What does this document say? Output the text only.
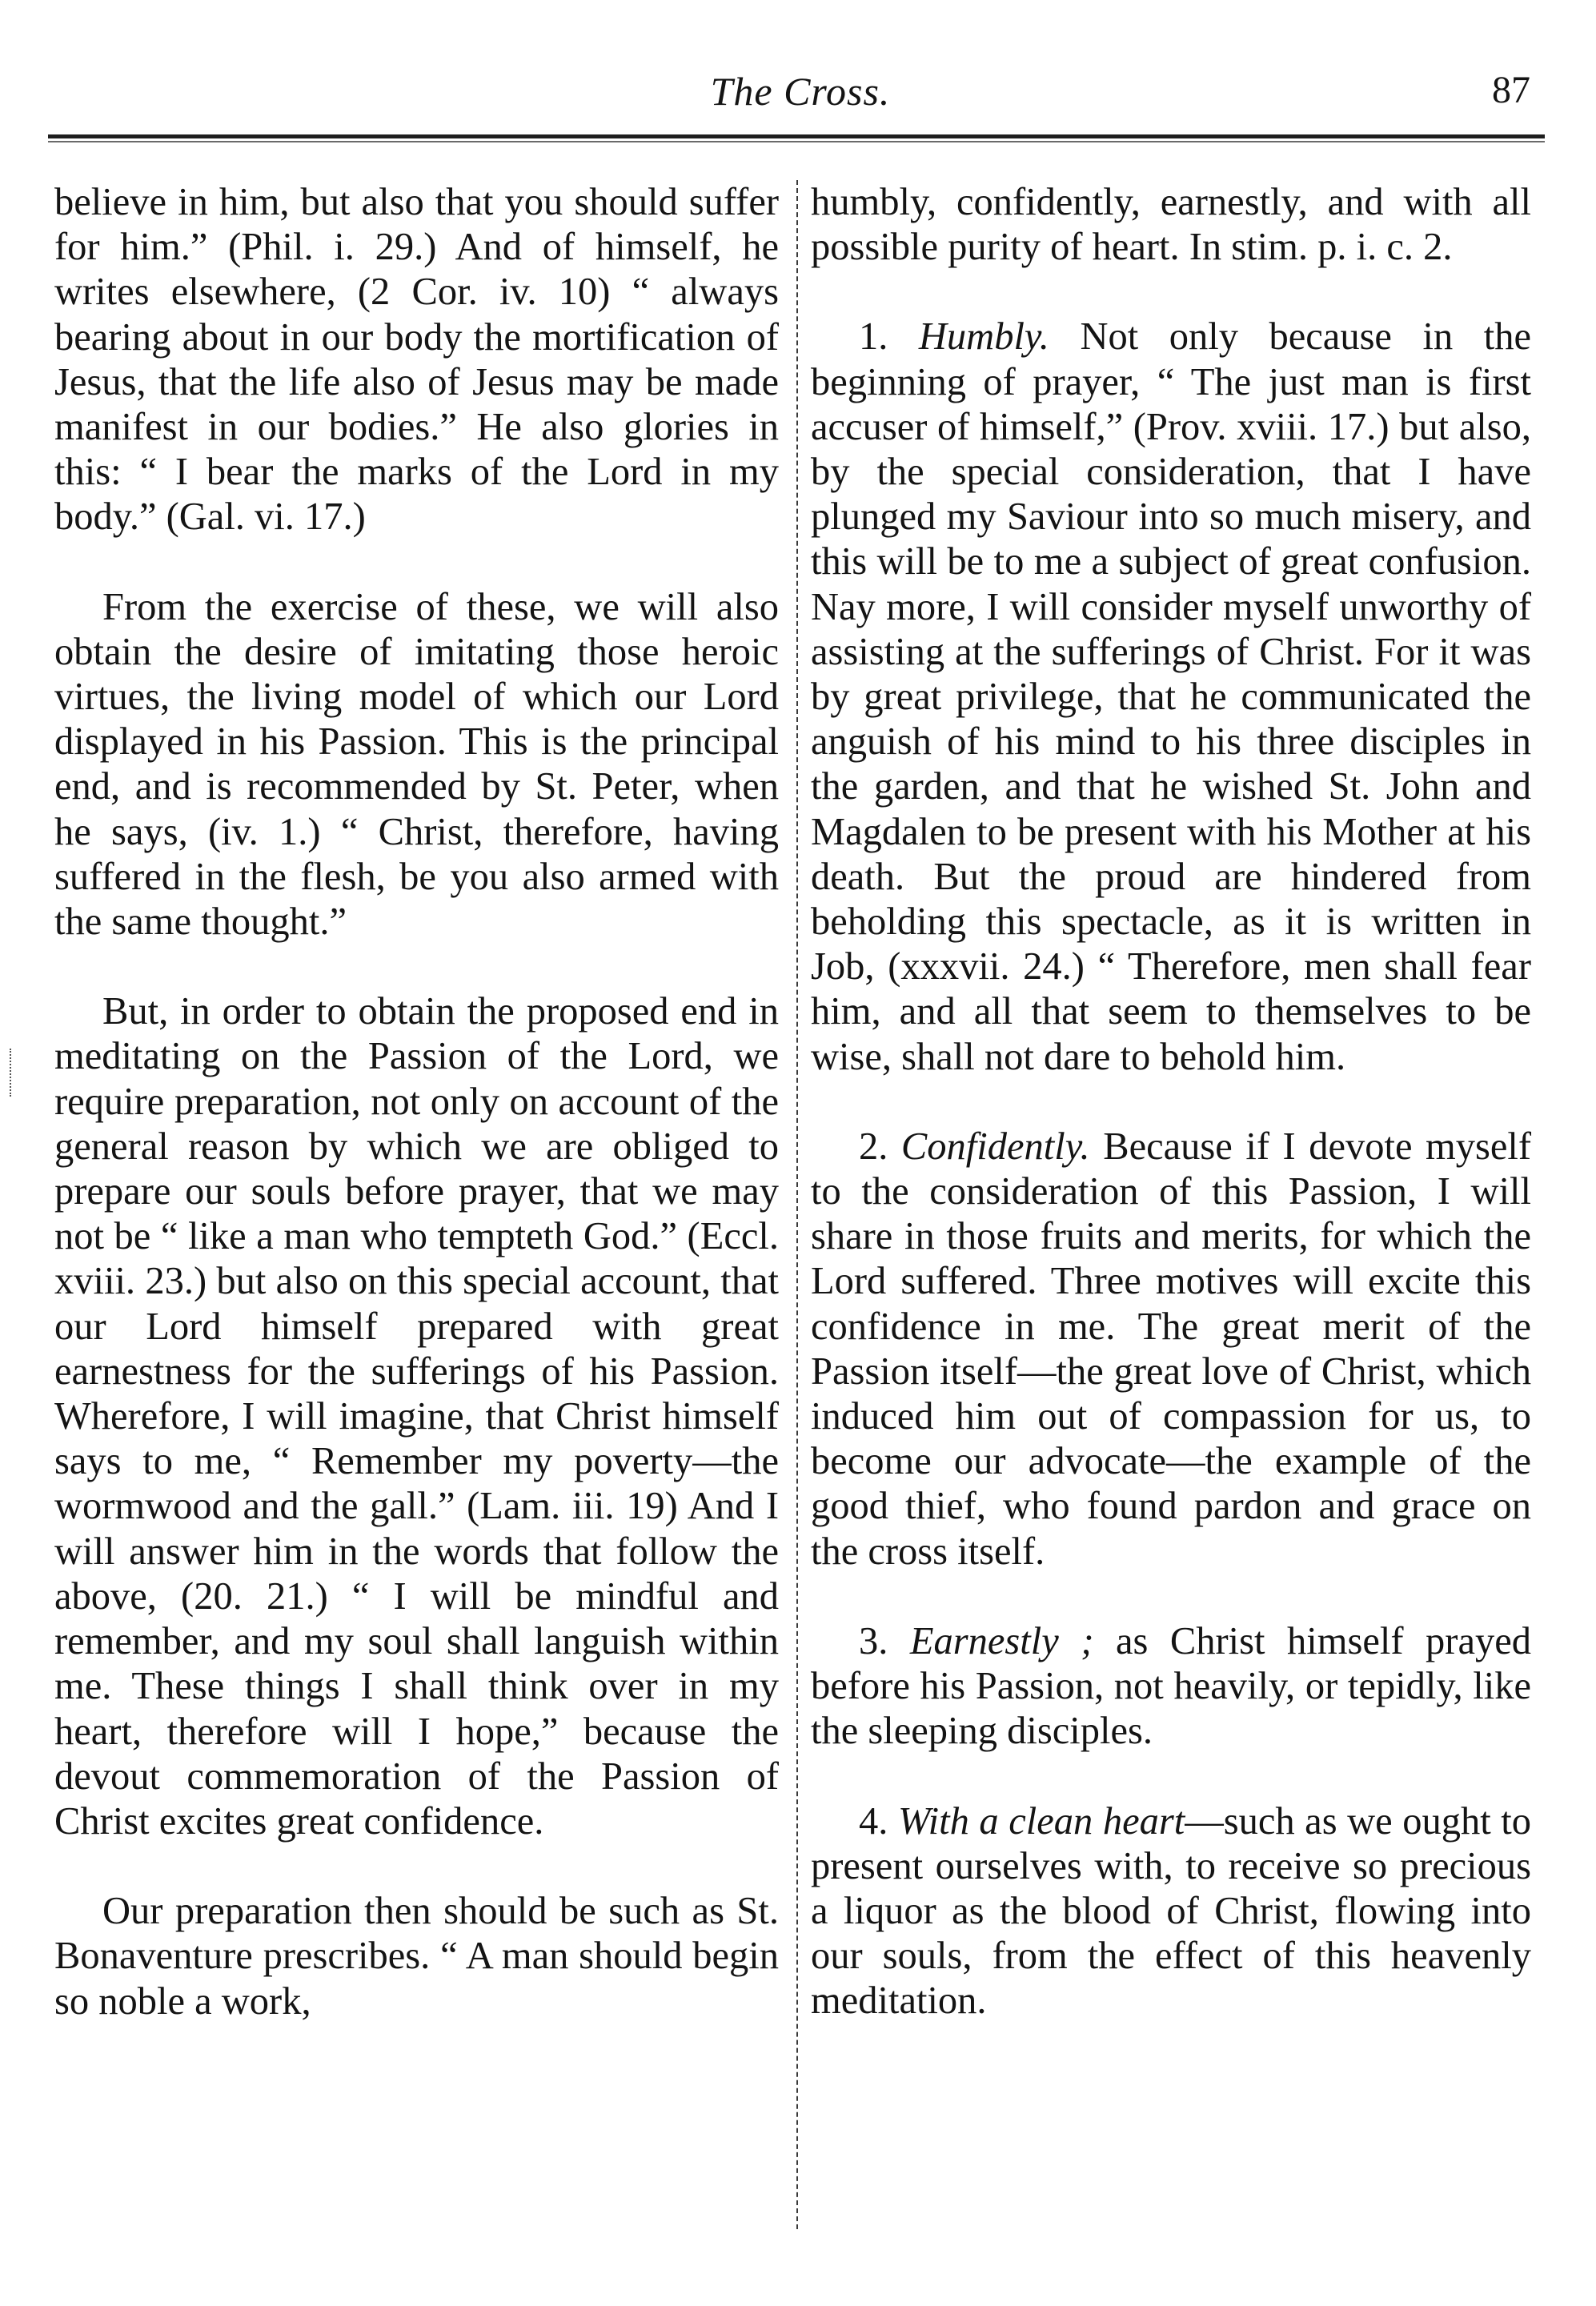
The Cross.	87

believe in him, but also that you should suffer for him.” (Phil. i. 29.) And of himself, he writes elsewhere, (2 Cor. iv. 10) “ always bearing about in our body the mortification of Jesus, that the life also of Jesus may be made manifest in our bodies.” He also glories in this: “ I bear the marks of the Lord in my body.” (Gal. vi. 17.)

From the exercise of these, we will also obtain the desire of imitating those heroic virtues, the living model of which our Lord displayed in his Passion. This is the principal end, and is recommended by St. Peter, when he says, (iv. 1.) “ Christ, therefore, having suffered in the flesh, be you also armed with the same thought.”

But, in order to obtain the proposed end in meditating on the Passion of the Lord, we require preparation, not only on account of the general reason by which we are obliged to prepare our souls before prayer, that we may not be “ like a man who tempteth God.” (Eccl. xviii. 23.) but also on this special account, that our Lord himself prepared with great earnestness for the sufferings of his Passion. Wherefore, I will imagine, that Christ himself says to me, “ Remember my poverty—the wormwood and the gall.” (Lam. iii. 19) And I will answer him in the words that follow the above, (20. 21.) “ I will be mindful and remember, and my soul shall languish within me. These things I shall think over in my heart, therefore will I hope,” because the devout commemoration of the Passion of Christ excites great confidence.

Our preparation then should be such as St. Bonaventure prescribes. “ A man should begin so noble a work,

humbly, confidently, earnestly, and with all possible purity of heart. In stim. p. i. c. 2.

1. Humbly. Not only because in the beginning of prayer, “ The just man is first accuser of himself,” (Prov. xviii. 17.) but also, by the special consideration, that I have plunged my Saviour into so much misery, and this will be to me a subject of great confusion. Nay more, I will consider myself unworthy of assisting at the sufferings of Christ. For it was by great privilege, that he communicated the anguish of his mind to his three disciples in the garden, and that he wished St. John and Magdalen to be present with his Mother at his death. But the proud are hindered from beholding this spectacle, as it is written in Job, (xxxvii. 24.) “ Therefore, men shall fear him, and all that seem to themselves to be wise, shall not dare to behold him.

2. Confidently. Because if I devote myself to the consideration of this Passion, I will share in those fruits and merits, for which the Lord suffered. Three motives will excite this confidence in me. The great merit of the Passion itself—the great love of Christ, which induced him out of compassion for us, to become our advocate—the example of the good thief, who found pardon and grace on the cross itself.

3. Earnestly ; as Christ himself prayed before his Passion, not heavily, or tepidly, like the sleeping disciples.

4. With a clean heart—such as we ought to present ourselves with, to receive so precious a liquor as the blood of Christ, flowing into our souls, from the effect of this heavenly meditation.
